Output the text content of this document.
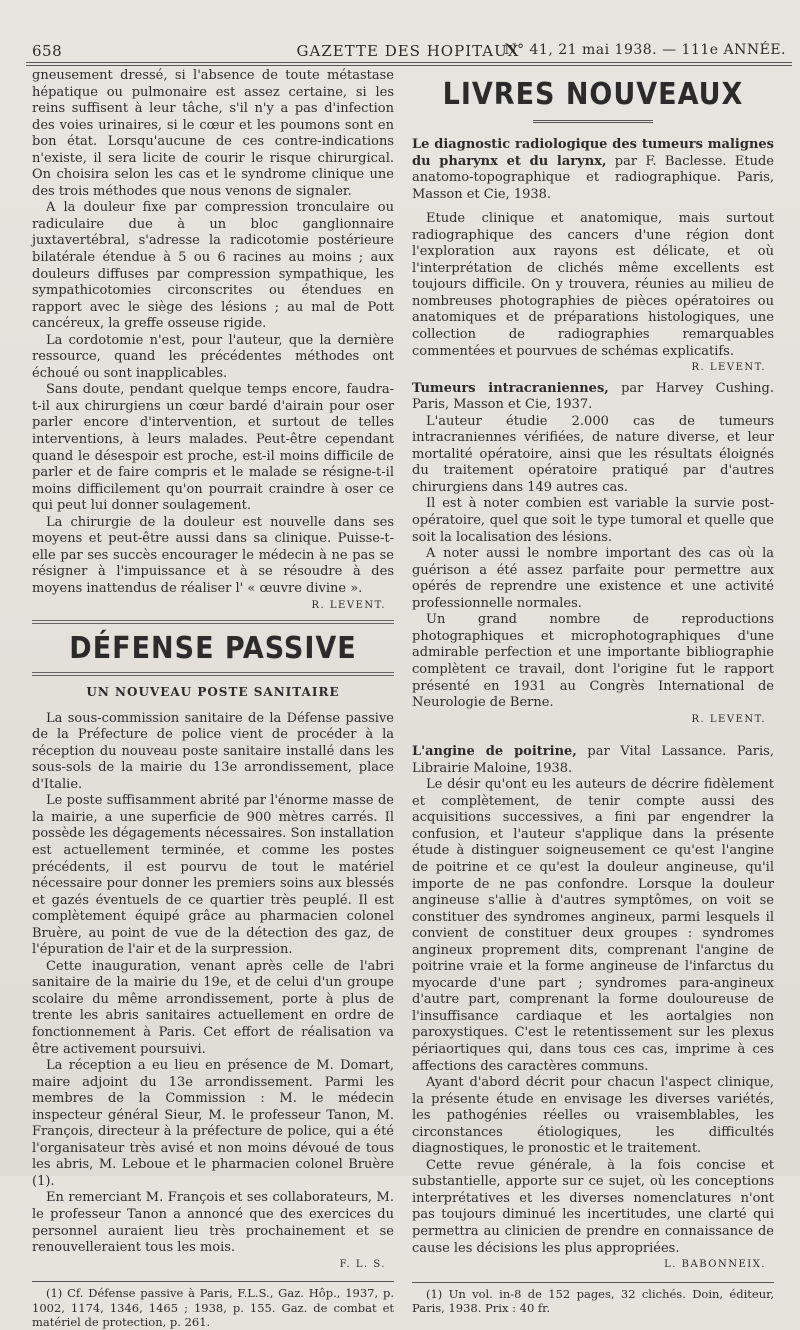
658	GAZETTE DES HOPITAUX
N° 41, 21 mai 1938. — 111e ANNÉE.

gneusement dressé, si l'absence de toute métastase hépatique ou pulmonaire est assez certaine, si les reins suffisent à leur tâche, s'il n'y a pas d'infection des voies urinaires, si le cœur et les poumons sont en bon état. Lorsqu'aucune de ces contre-indications n'existe, il sera licite de courir le risque chirurgical. On choisira selon les cas et le syndrome clinique une des trois méthodes que nous venons de signaler.

A la douleur fixe par compression tronculaire ou radiculaire due à un bloc ganglionnaire juxtavertébral, s'adresse la radicotomie postérieure bilatérale étendue à 5 ou 6 racines au moins ; aux douleurs diffuses par compression sympathique, les sympathicotomies circonscrites ou étendues en rapport avec le siège des lésions ; au mal de Pott cancéreux, la greffe osseuse rigide.

La cordotomie n'est, pour l'auteur, que la dernière ressource, quand les précédentes méthodes ont échoué ou sont inapplicables.

Sans doute, pendant quelque temps encore, faudra-t-il aux chirurgiens un cœur bardé d'airain pour oser parler encore d'intervention, et surtout de telles interventions, à leurs malades. Peut-être cependant quand le désespoir est proche, est-il moins difficile de parler et de faire compris et le malade se résigne-t-il moins difficilement qu'on pourrait craindre à oser ce qui peut lui donner soulagement.

La chirurgie de la douleur est nouvelle dans ses moyens et peut-être aussi dans sa clinique. Puisse-t-elle par ses succès encourager le médecin à ne pas se résigner à l'impuissance et à se résoudre à des moyens inattendus de réaliser l' « œuvre divine ».

R. LEVENT.
DÉFENSE PASSIVE
UN NOUVEAU POSTE SANITAIRE

La sous-commission sanitaire de la Défense passive de la Préfecture de police vient de procéder à la réception du nouveau poste sanitaire installé dans les sous-sols de la mairie du 13e arrondissement, place d'Italie.

Le poste suffisamment abrité par l'énorme masse de la mairie, a une superficie de 900 mètres carrés. Il possède les dégagements nécessaires. Son installation est actuellement terminée, et comme les postes précédents, il est pourvu de tout le matériel nécessaire pour donner les premiers soins aux blessés et gazés éventuels de ce quartier très peuplé. Il est complètement équipé grâce au pharmacien colonel Bruère, au point de vue de la détection des gaz, de l'épuration de l'air et de la surpression.

Cette inauguration, venant après celle de l'abri sanitaire de la mairie du 19e, et de celui d'un groupe scolaire du même arrondissement, porte à plus de trente les abris sanitaires actuellement en ordre de fonctionnement à Paris. Cet effort de réalisation va être activement poursuivi.

La réception a eu lieu en présence de M. Domart, maire adjoint du 13e arrondissement. Parmi les membres de la Commission : M. le médecin inspecteur général Sieur, M. le professeur Tanon, M. François, directeur à la préfecture de police, qui a été l'organisateur très avisé et non moins dévoué de tous les abris, M. Leboue et le pharmacien colonel Bruère (1).

En remerciant M. François et ses collaborateurs, M. le professeur Tanon a annoncé que des exercices du personnel auraient lieu très prochainement et se renouvelleraient tous les mois.

F. L. S.

(1) Cf. Défense passive à Paris, F.L.S., Gaz. Hôp., 1937, p. 1002, 1174, 1346, 1465 ; 1938, p. 155. Gaz. de combat et matériel de protection, p. 261.

LIVRES NOUVEAUX

Le diagnostic radiologique des tumeurs malignes du pharynx et du larynx, par F. Baclesse. Etude anatomo-topographique et radiographique. Paris, Masson et Cie, 1938.

Etude clinique et anatomique, mais surtout radiographique des cancers d'une région dont l'exploration aux rayons est délicate, et où l'interprétation de clichés même excellents est toujours difficile. On y trouvera, réunies au milieu de nombreuses photographies de pièces opératoires ou anatomiques et de préparations histologiques, une collection de radiographies remarquables commentées et pourvues de schémas explicatifs.

R. LEVENT.

Tumeurs intracraniennes, par Harvey Cushing. Paris, Masson et Cie, 1937.

L'auteur étudie 2.000 cas de tumeurs intracraniennes vérifiées, de nature diverse, et leur mortalité opératoire, ainsi que les résultats éloignés du traitement opératoire pratiqué par d'autres chirurgiens dans 149 autres cas.

Il est à noter combien est variable la survie post-opératoire, quel que soit le type tumoral et quelle que soit la localisation des lésions.

A noter aussi le nombre important des cas où la guérison a été assez parfaite pour permettre aux opérés de reprendre une existence et une activité professionnelle normales.

Un grand nombre de reproductions photographiques et microphotographiques d'une admirable perfection et une importante bibliographie complètent ce travail, dont l'origine fut le rapport présenté en 1931 au Congrès International de Neurologie de Berne.

R. LEVENT.

L'angine de poitrine, par Vital Lassance. Paris, Librairie Maloine, 1938.

Le désir qu'ont eu les auteurs de décrire fidèlement et complètement, de tenir compte aussi des acquisitions successives, a fini par engendrer la confusion, et l'auteur s'applique dans la présente étude à distinguer soigneusement ce qu'est l'angine de poitrine et ce qu'est la douleur angineuse, qu'il importe de ne pas confondre. Lorsque la douleur angineuse s'allie à d'autres symptômes, on voit se constituer des syndromes angineux, parmi lesquels il convient de constituer deux groupes : syndromes angineux proprement dits, comprenant l'angine de poitrine vraie et la forme angineuse de l'infarctus du myocarde d'une part ; syndromes para-angineux d'autre part, comprenant la forme douloureuse de l'insuffisance cardiaque et les aortalgies non paroxystiques. C'est le retentissement sur les plexus périaortiques qui, dans tous ces cas, imprime à ces affections des caractères communs.

Ayant d'abord décrit pour chacun l'aspect clinique, la présente étude en envisage les diverses variétés, les pathogénies réelles ou vraisemblables, les circonstances étiologiques, les difficultés diagnostiques, le pronostic et le traitement.

Cette revue générale, à la fois concise et substantielle, apporte sur ce sujet, où les conceptions interprétatives et les diverses nomenclatures n'ont pas toujours diminué les incertitudes, une clarté qui permettra au clinicien de prendre en connaissance de cause les décisions les plus appropriées.

L. BABONNEIX.

(1) Un vol. in-8 de 152 pages, 32 clichés. Doin, éditeur, Paris, 1938. Prix : 40 fr.
